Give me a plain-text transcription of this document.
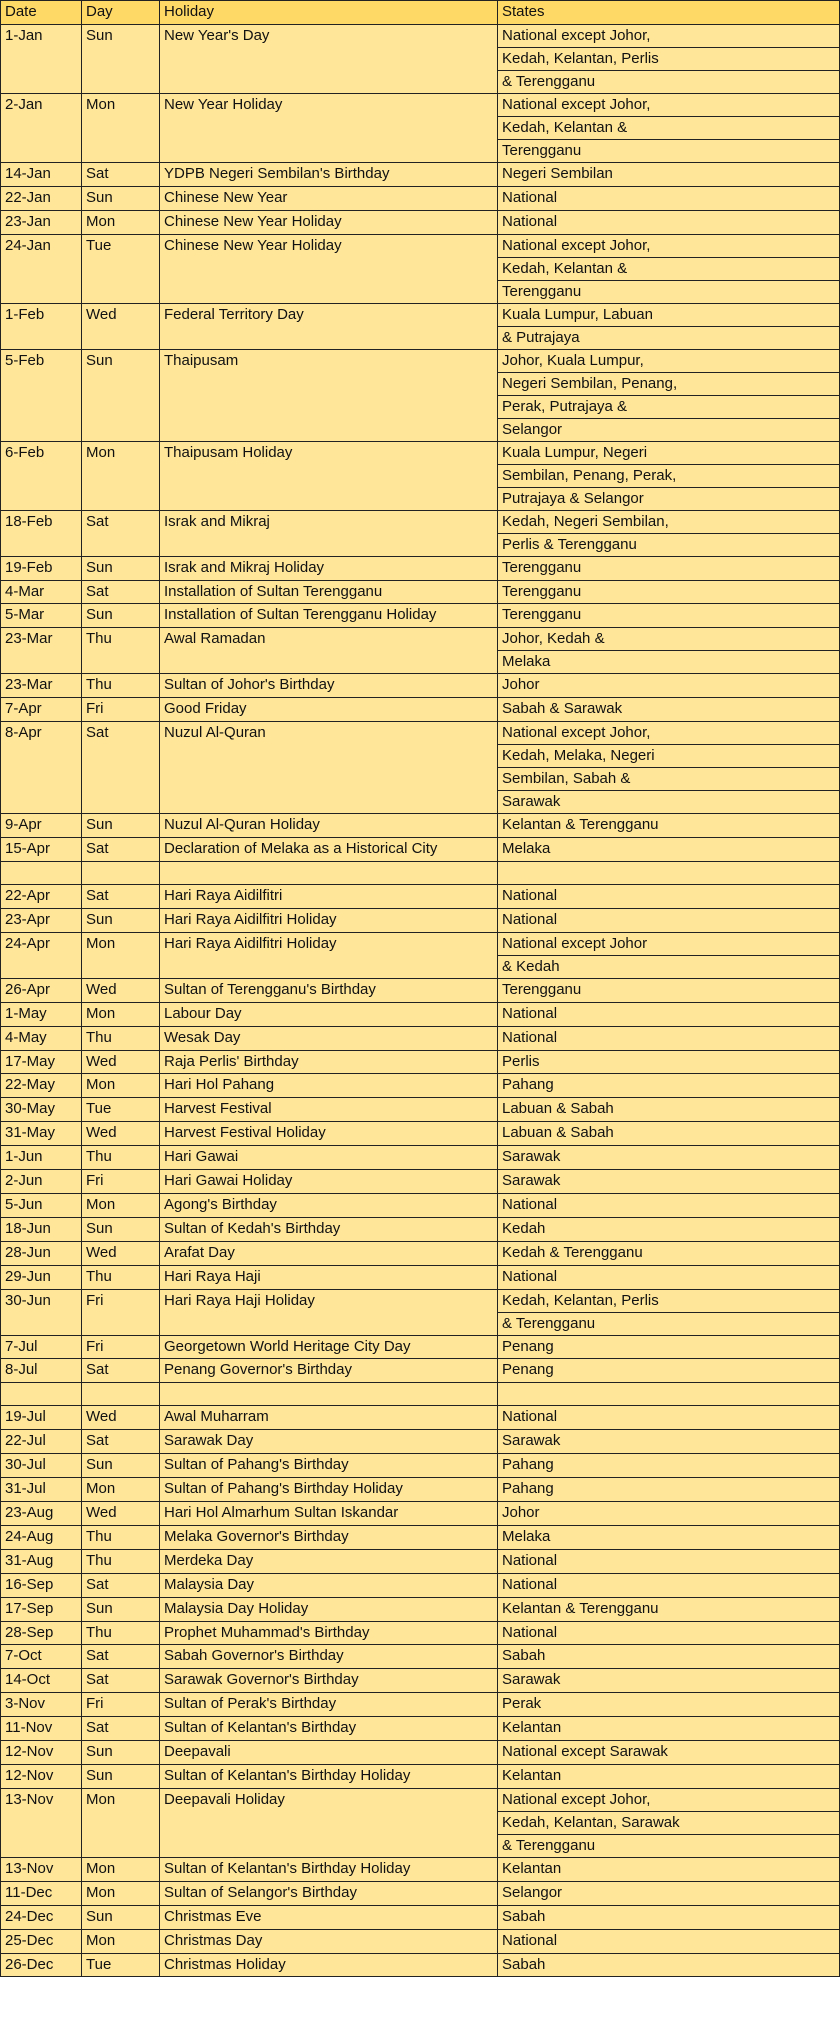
Date	Day	Holiday	States
1-Jan	Sun	New Year's Day	National except Johor,
Kedah, Kelantan, Perlis
& Terengganu

2-Jan	Mon	New Year Holiday	National except Johor,
Kedah, Kelantan &
Terengganu

14-Jan	Sat	YDPB Negeri Sembilan's Birthday	Negeri Sembilan
22-Jan	Sun	Chinese New Year	National
23-Jan	Mon	Chinese New Year Holiday	National
24-Jan	Tue	Chinese New Year Holiday	National except Johor,
Kedah, Kelantan &
Terengganu

1-Feb	Wed	Federal Territory Day	Kuala Lumpur, Labuan
& Putrajaya

5-Feb	Sun	Thaipusam	Johor, Kuala Lumpur,
Negeri Sembilan, Penang,
Perak, Putrajaya &
Selangor

6-Feb	Mon	Thaipusam Holiday	Kuala Lumpur, Negeri
Sembilan, Penang, Perak,
Putrajaya & Selangor

18-Feb	Sat	Israk and Mikraj	Kedah, Negeri Sembilan,
Perlis & Terengganu

19-Feb	Sun	Israk and Mikraj Holiday	Terengganu
4-Mar	Sat	Installation of Sultan Terengganu	Terengganu
5-Mar	Sun	Installation of Sultan Terengganu Holiday	Terengganu
23-Mar	Thu	Awal Ramadan	Johor, Kedah &
Melaka

23-Mar	Thu	Sultan of Johor's Birthday	Johor
7-Apr	Fri	Good Friday	Sabah & Sarawak
8-Apr	Sat	Nuzul Al-Quran	National except Johor,
Kedah, Melaka, Negeri
Sembilan, Sabah &
Sarawak

9-Apr	Sun	Nuzul Al-Quran Holiday	Kelantan & Terengganu
15-Apr	Sat	Declaration of Melaka as a Historical City	Melaka

22-Apr	Sat	Hari Raya Aidilfitri	National
23-Apr	Sun	Hari Raya Aidilfitri Holiday	National
24-Apr	Mon	Hari Raya Aidilfitri Holiday	National except Johor
& Kedah

26-Apr	Wed	Sultan of Terengganu's Birthday	Terengganu
1-May	Mon	Labour Day	National
4-May	Thu	Wesak Day	National
17-May	Wed	Raja Perlis' Birthday	Perlis
22-May	Mon	Hari Hol Pahang	Pahang
30-May	Tue	Harvest Festival	Labuan & Sabah
31-May	Wed	Harvest Festival Holiday	Labuan & Sabah
1-Jun	Thu	Hari Gawai	Sarawak
2-Jun	Fri	Hari Gawai Holiday	Sarawak
5-Jun	Mon	Agong's Birthday	National
18-Jun	Sun	Sultan of Kedah's Birthday	Kedah
28-Jun	Wed	Arafat Day	Kedah & Terengganu
29-Jun	Thu	Hari Raya Haji	National
30-Jun	Fri	Hari Raya Haji Holiday	Kedah, Kelantan, Perlis
& Terengganu

7-Jul	Fri	Georgetown World Heritage City Day	Penang
8-Jul	Sat	Penang Governor's Birthday	Penang

19-Jul	Wed	Awal Muharram	National
22-Jul	Sat	Sarawak Day	Sarawak
30-Jul	Sun	Sultan of Pahang's Birthday	Pahang
31-Jul	Mon	Sultan of Pahang's Birthday Holiday	Pahang
23-Aug	Wed	Hari Hol Almarhum Sultan Iskandar	Johor
24-Aug	Thu	Melaka Governor's Birthday	Melaka
31-Aug	Thu	Merdeka Day	National
16-Sep	Sat	Malaysia Day	National
17-Sep	Sun	Malaysia Day Holiday	Kelantan & Terengganu
28-Sep	Thu	Prophet Muhammad's Birthday	National
7-Oct	Sat	Sabah Governor's Birthday	Sabah
14-Oct	Sat	Sarawak Governor's Birthday	Sarawak
3-Nov	Fri	Sultan of Perak's Birthday	Perak
11-Nov	Sat	Sultan of Kelantan's Birthday	Kelantan
12-Nov	Sun	Deepavali	National except Sarawak
12-Nov	Sun	Sultan of Kelantan's Birthday Holiday	Kelantan
13-Nov	Mon	Deepavali Holiday	National except Johor,
Kedah, Kelantan, Sarawak
& Terengganu

13-Nov	Mon	Sultan of Kelantan's Birthday Holiday	Kelantan
11-Dec	Mon	Sultan of Selangor's Birthday	Selangor
24-Dec	Sun	Christmas Eve	Sabah
25-Dec	Mon	Christmas Day	National
26-Dec	Tue	Christmas Holiday	Sabah
